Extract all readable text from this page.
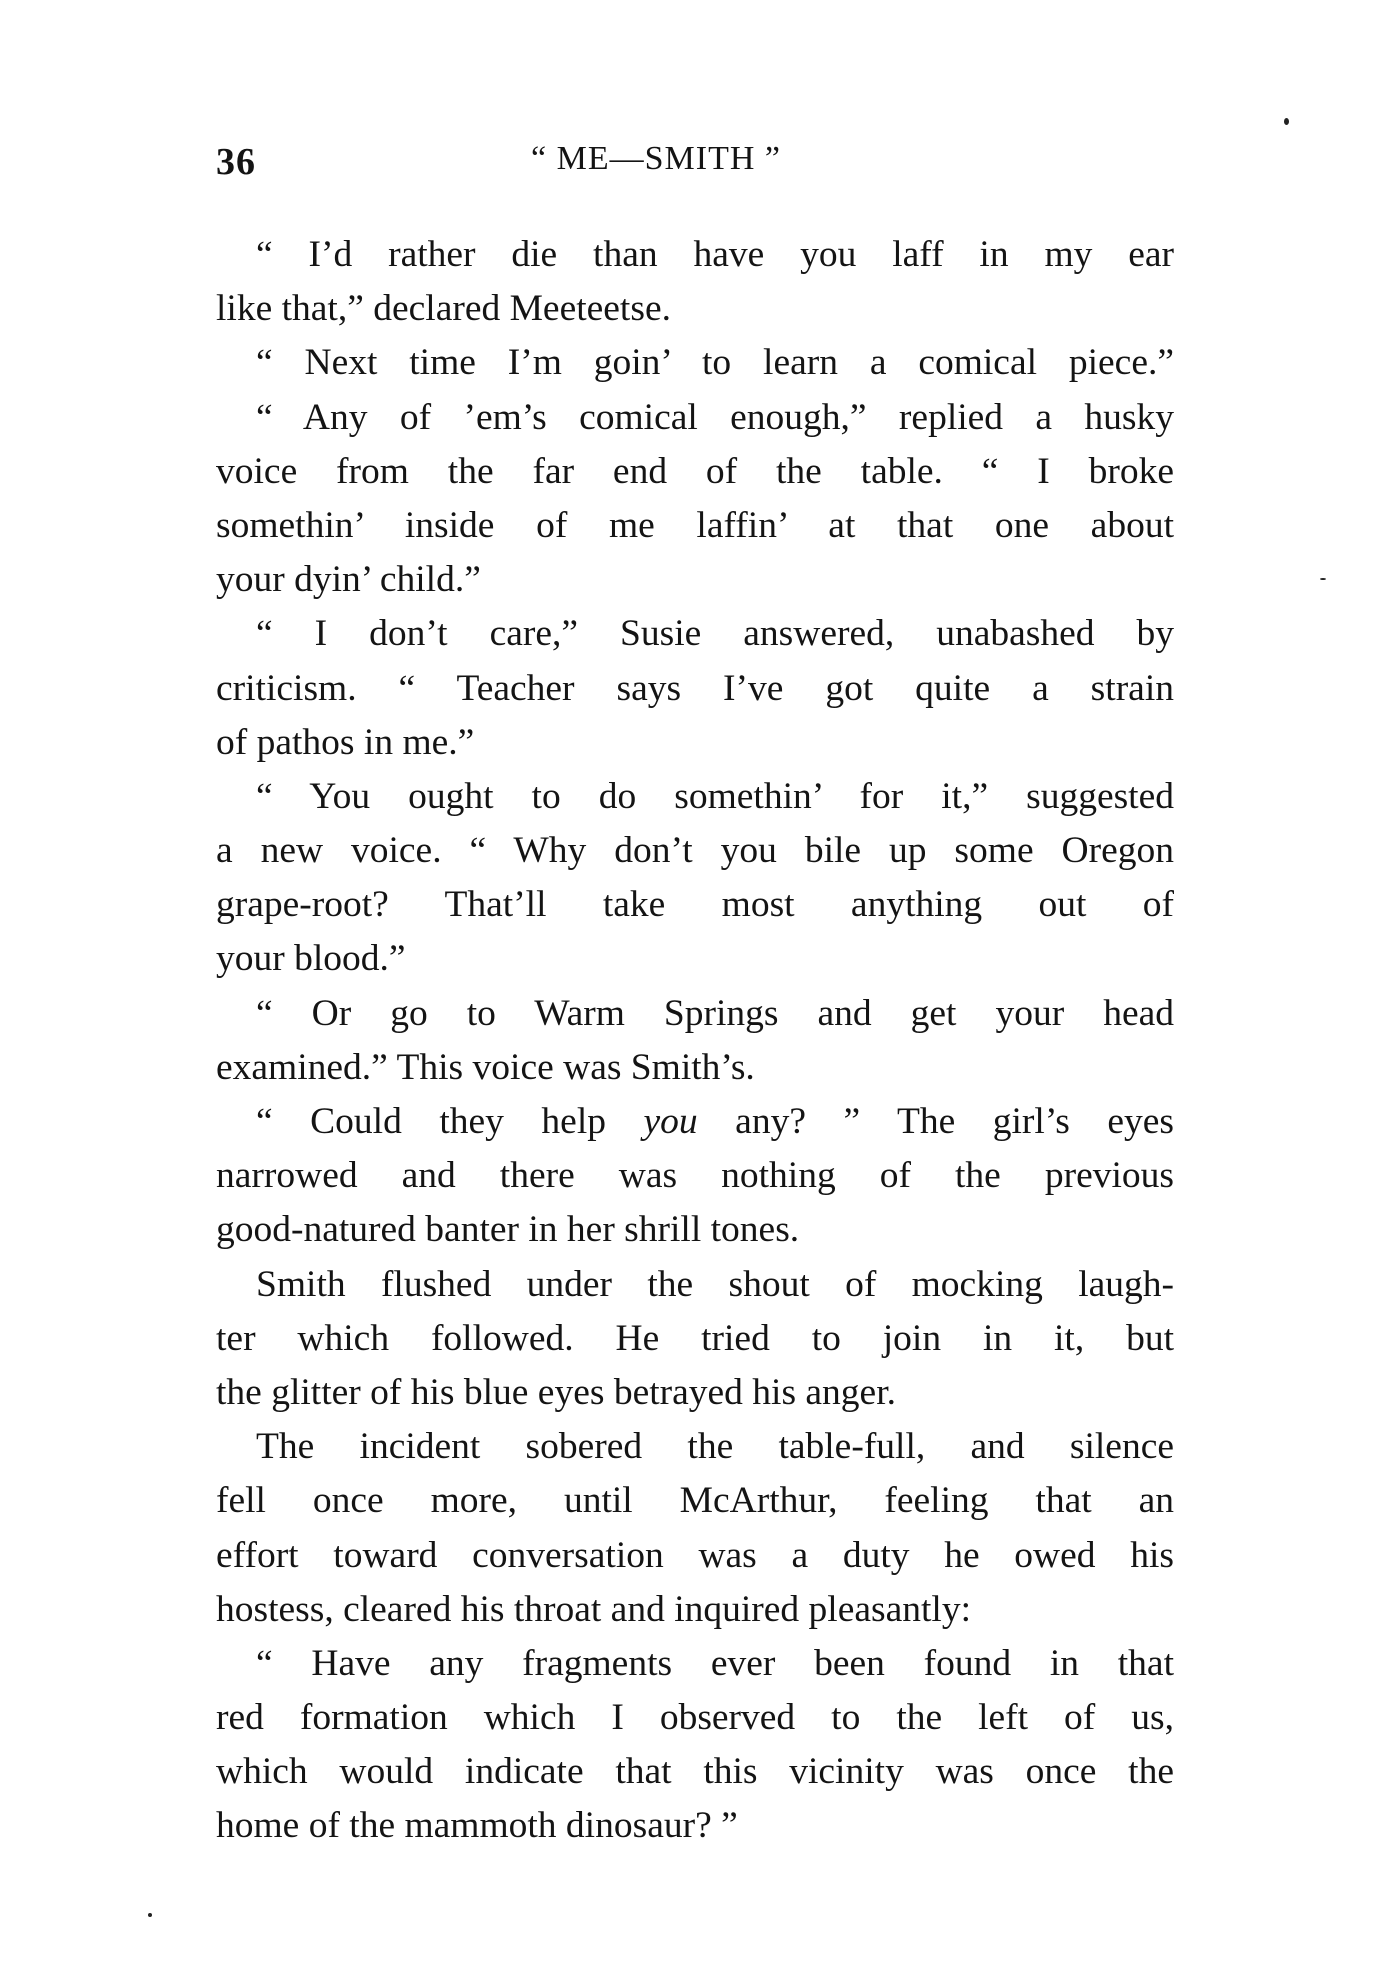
36	“ ME—SMITH ”
“ I’d rather die than have you laff in my ear
like that,” declared Meeteetse.
“ Next time I’m goin’ to learn a comical piece.”
“ Any of ’em’s comical enough,” replied a husky
voice from the far end of the table. “ I broke
somethin’ inside of me laffin’ at that one about
your dyin’ child.”
“ I don’t care,” Susie answered, unabashed by
criticism. “ Teacher says I’ve got quite a strain
of pathos in me.”
“ You ought to do somethin’ for it,” suggested
a new voice. “ Why don’t you bile up some Oregon
grape-root? That’ll take most anything out of
your blood.”
“ Or go to Warm Springs and get your head
examined.” This voice was Smith’s.
“ Could they help you any? ” The girl’s eyes
narrowed and there was nothing of the previous
good-natured banter in her shrill tones.
Smith flushed under the shout of mocking laugh-
ter which followed. He tried to join in it, but
the glitter of his blue eyes betrayed his anger.
The incident sobered the table-full, and silence
fell once more, until McArthur, feeling that an
effort toward conversation was a duty he owed his
hostess, cleared his throat and inquired pleasantly:
“ Have any fragments ever been found in that
red formation which I observed to the left of us,
which would indicate that this vicinity was once the
home of the mammoth dinosaur? ”
